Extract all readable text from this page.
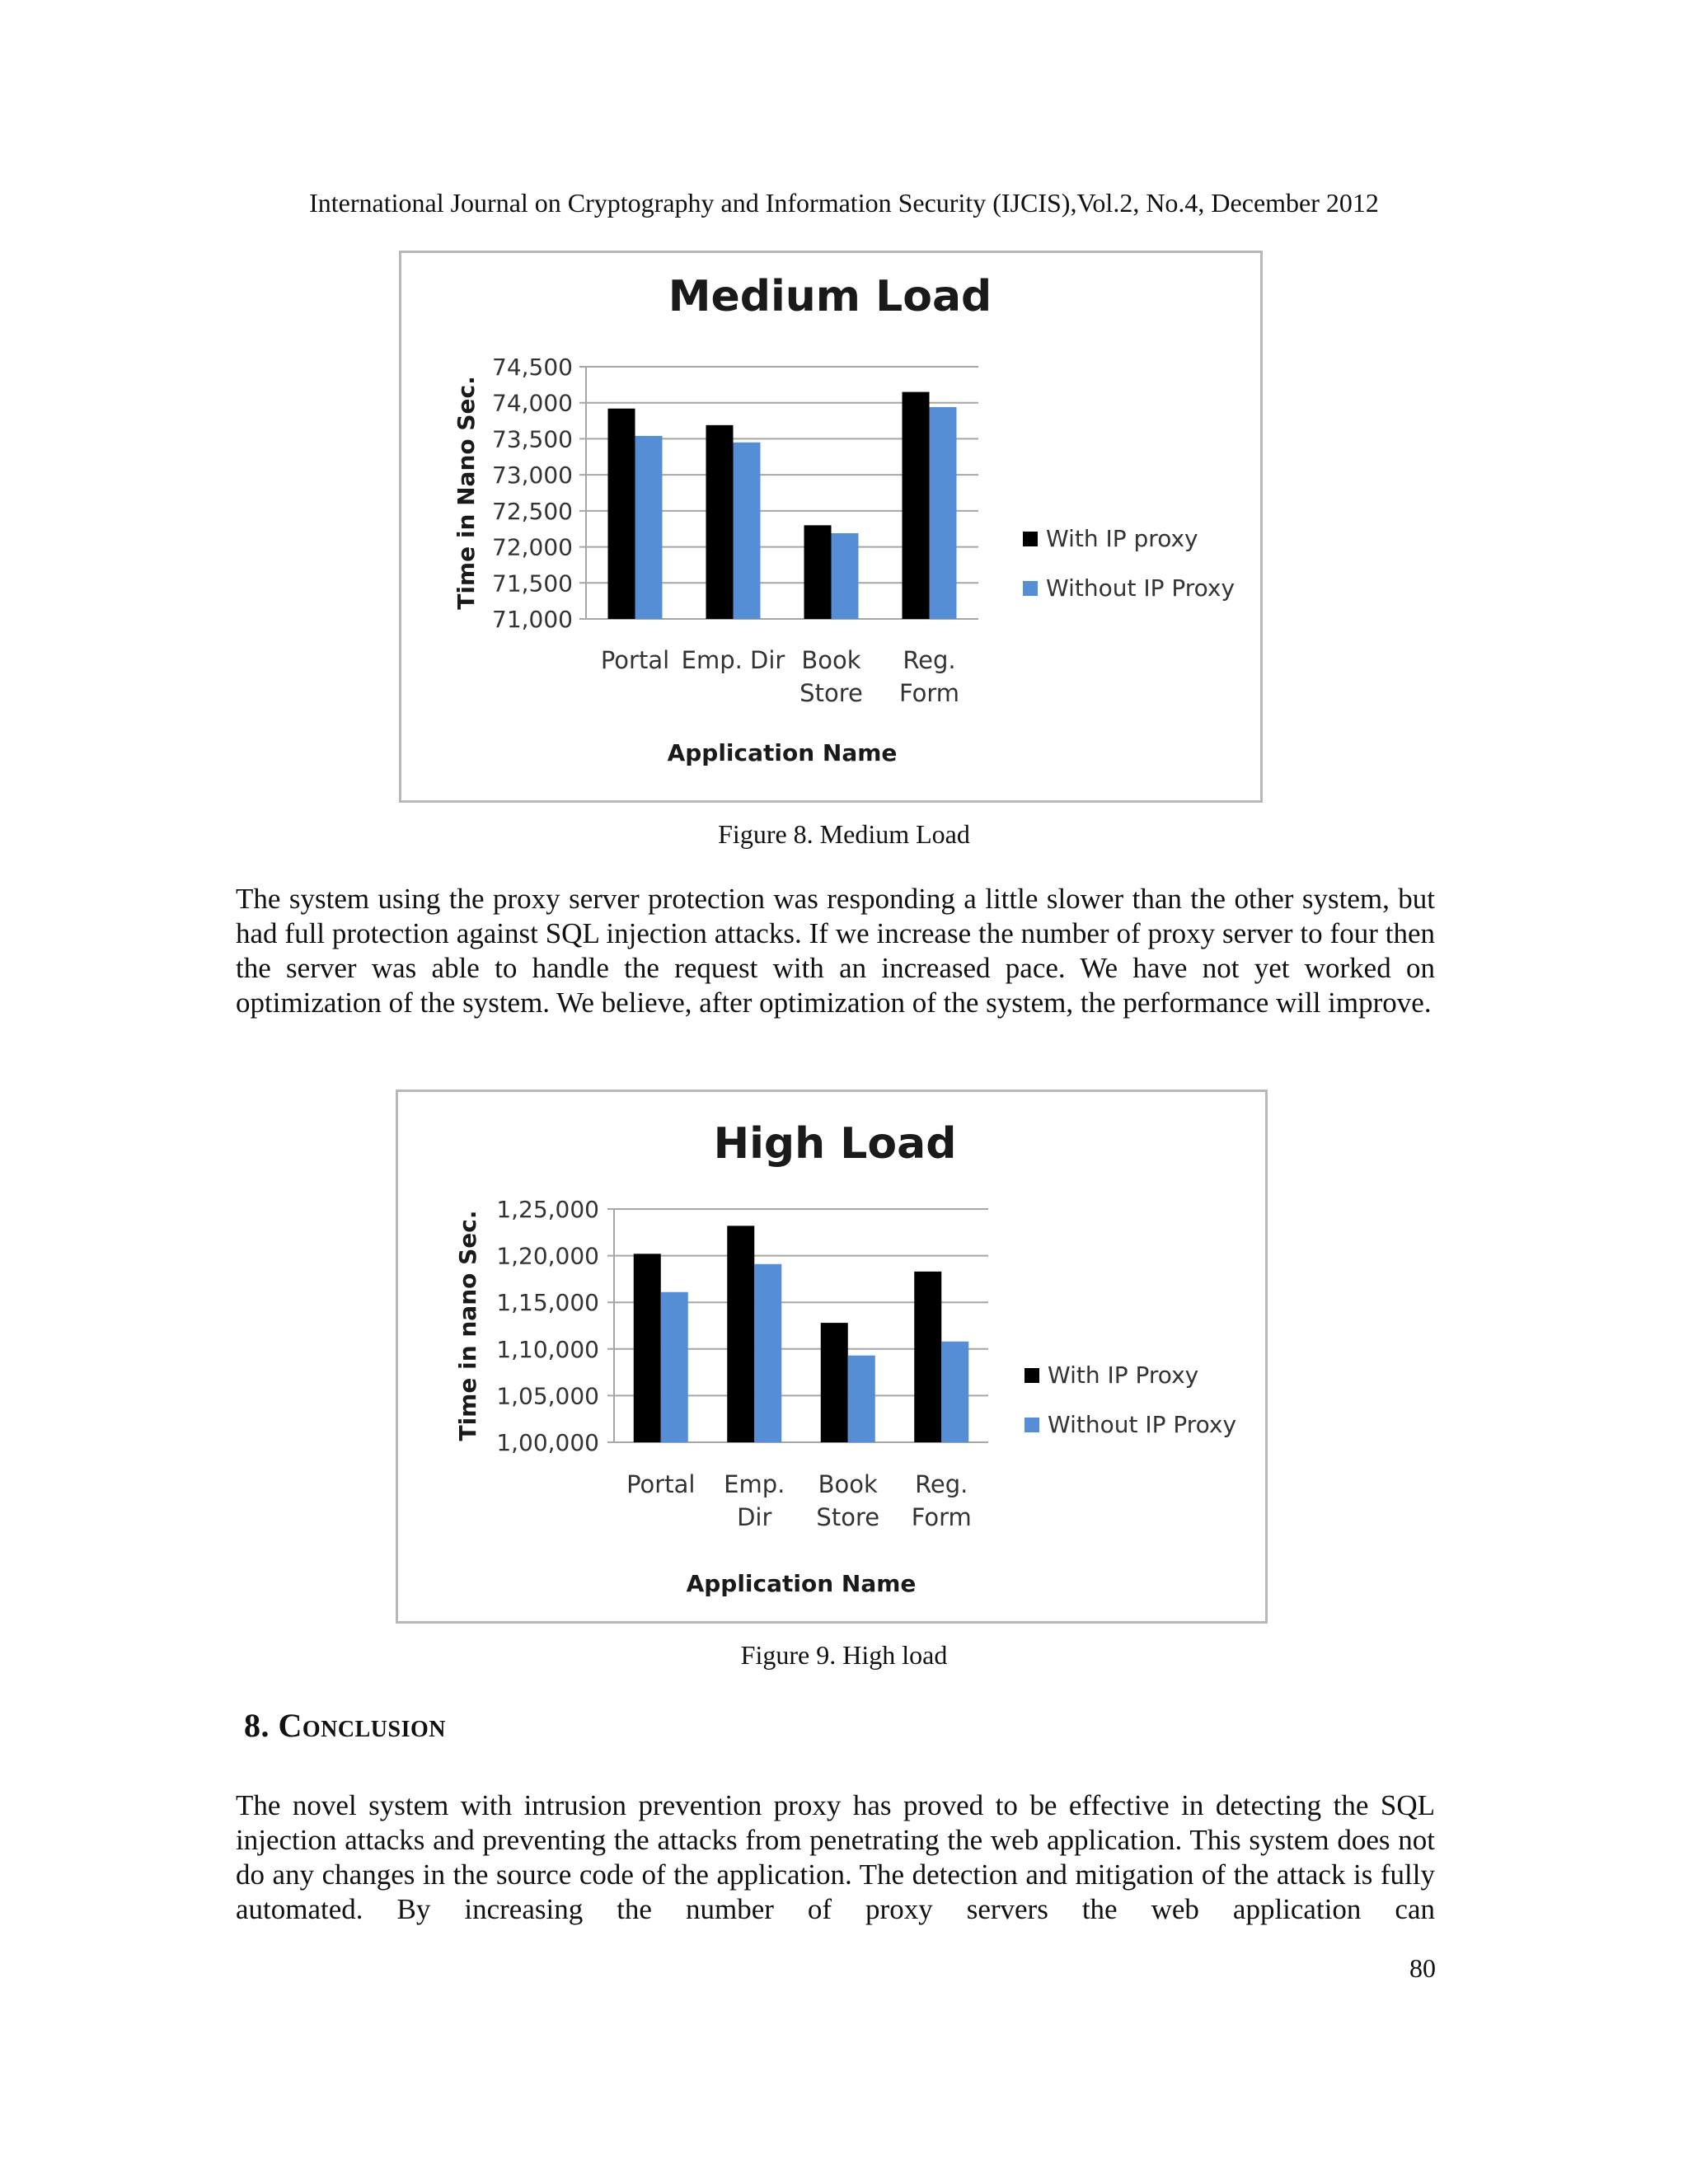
International Journal on Cryptography and Information Security (IJCIS),Vol.2, No.4, December 2012
Medium Load
71,000
71,500
72,000
72,500
73,000
73,500
74,000
74,500
Portal Emp. Dir Book
Store
Reg.
Form
Time in Nano Sec.
Application Name
With IP proxy
Without IP Proxy
Figure 8. Medium Load

The system using the proxy server protection was responding a little slower than the other system, but had full protection against SQL injection attacks. If we increase the number of proxy server to four then the server was able to handle the request with an increased pace. We have not yet worked on optimization of the system. We believe, after optimization of the system, the performance will improve.

High Load
1,00,000
1,05,000
1,10,000
1,15,000
1,20,000
1,25,000
Portal Emp.
Dir
Book
Store
Reg.
Form
Time in nano Sec.
Application Name
With IP Proxy
Without IP Proxy
Figure 9. High load
8. Conclusion

The novel system with intrusion prevention proxy has proved to be effective in detecting the SQL injection attacks and preventing the attacks from penetrating the web application. This system does not do any changes in the source code of the application. The detection and mitigation of the attack is fully automated. By increasing the number of proxy servers the web application can

80
